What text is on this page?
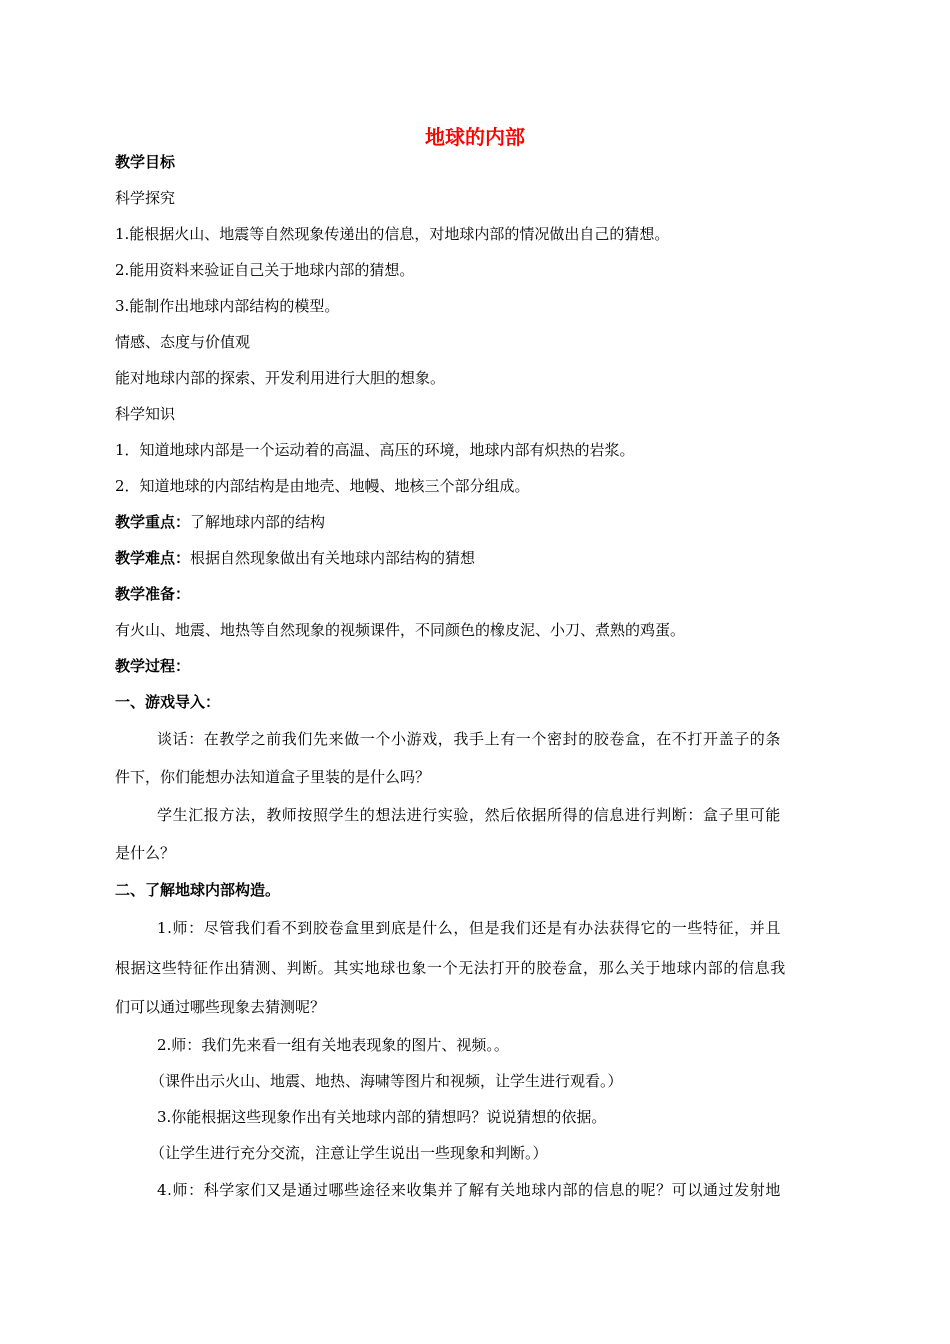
地球的内部
教学目标
科学探究
1.能根据火山、地震等自然现象传递出的信息，对地球内部的情况做出自己的猜想。
2.能用资料来验证自己关于地球内部的猜想。
3.能制作出地球内部结构的模型。
情感、态度与价值观
能对地球内部的探索、开发利用进行大胆的想象。
科学知识
1．知道地球内部是一个运动着的高温、高压的环境，地球内部有炽热的岩浆。
2．知道地球的内部结构是由地壳、地幔、地核三个部分组成。
教学重点：了解地球内部的结构
教学难点：根据自然现象做出有关地球内部结构的猜想
教学准备：
有火山、地震、地热等自然现象的视频课件，不同颜色的橡皮泥、小刀、煮熟的鸡蛋。
教学过程：
一、游戏导入：
谈话：在教学之前我们先来做一个小游戏，我手上有一个密封的胶卷盒，在不打开盖子的条
件下，你们能想办法知道盒子里装的是什么吗？
学生汇报方法，教师按照学生的想法进行实验，然后依据所得的信息进行判断：盒子里可能
是什么？
二、了解地球内部构造。
1.师：尽管我们看不到胶卷盒里到底是什么，但是我们还是有办法获得它的一些特征，并且
根据这些特征作出猜测、判断。其实地球也象一个无法打开的胶卷盒，那么关于地球内部的信息我
们可以通过哪些现象去猜测呢？
2.师：我们先来看一组有关地表现象的图片、视频。。
（课件出示火山、地震、地热、海啸等图片和视频，让学生进行观看。）
3.你能根据这些现象作出有关地球内部的猜想吗？说说猜想的依据。
（让学生进行充分交流，注意让学生说出一些现象和判断。）
4.师：科学家们又是通过哪些途径来收集并了解有关地球内部的信息的呢？可以通过发射地
